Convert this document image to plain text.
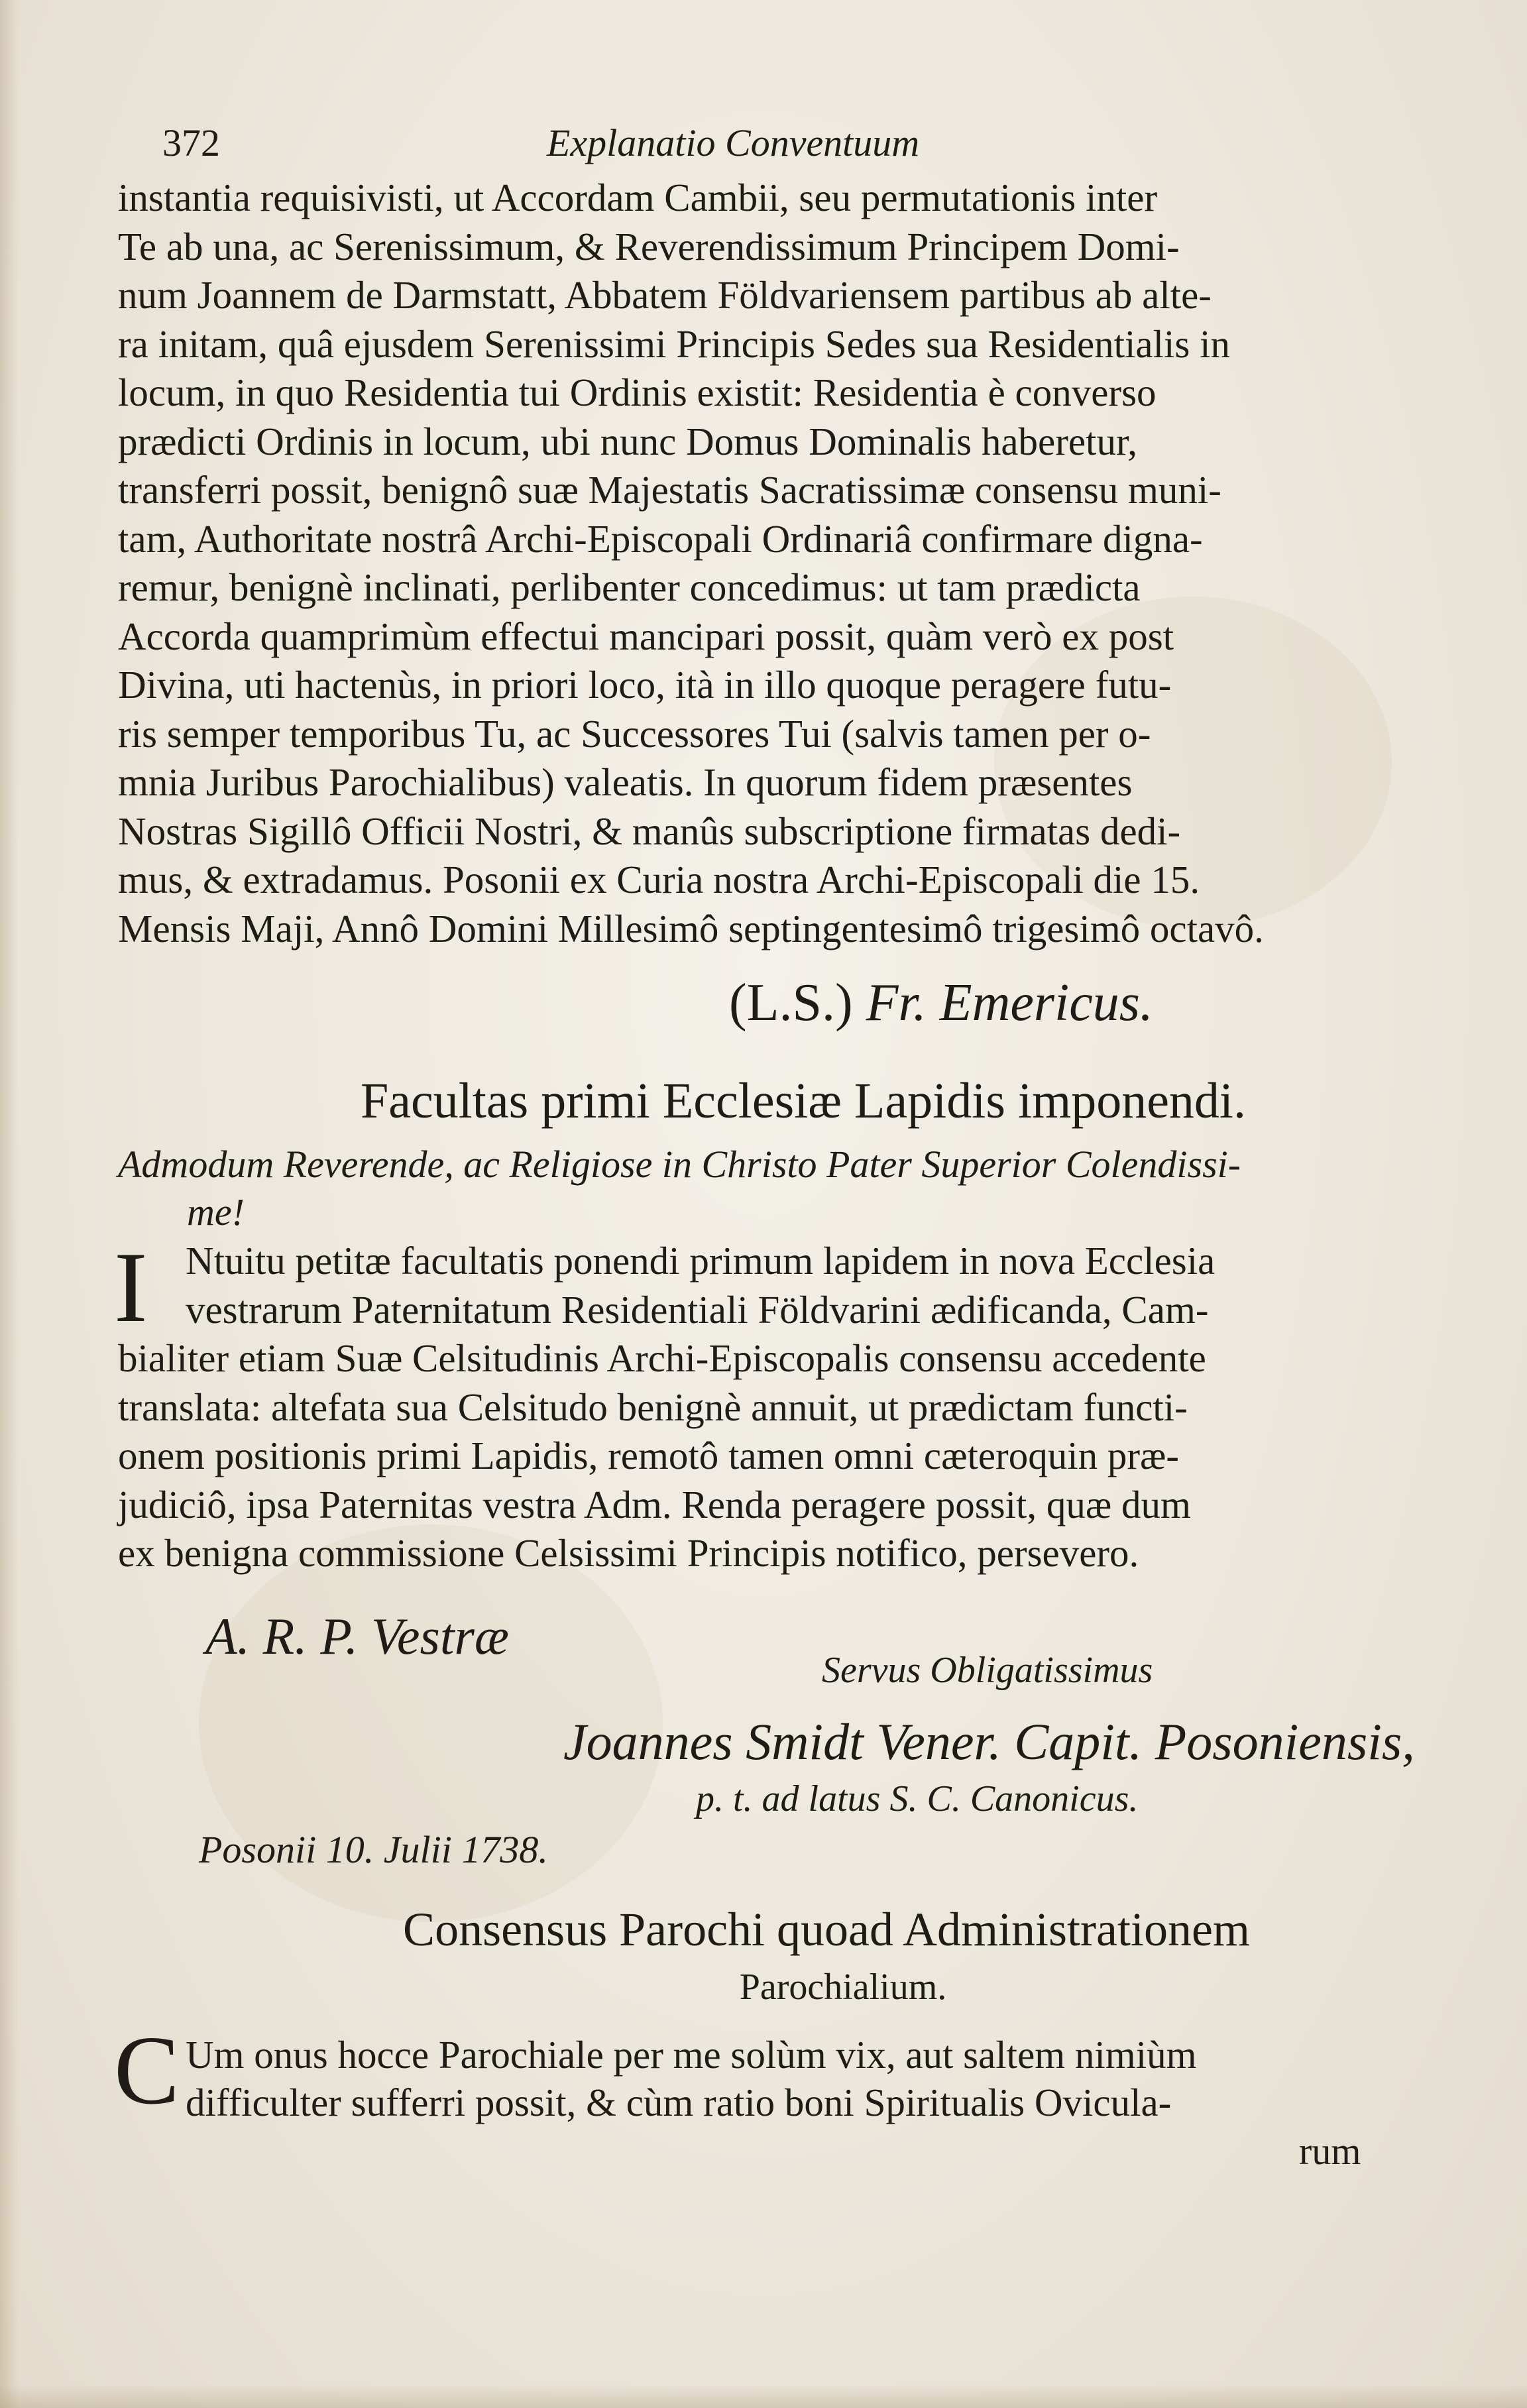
372	Explanatio Conventuum
instantia requisivisti, ut Accordam Cambii, seu permutationis inter
Te ab una, ac Serenissimum, & Reverendissimum Principem Domi-
num Joannem de Darmstatt, Abbatem Földvariensem partibus ab alte-
ra initam, quâ ejusdem Serenissimi Principis Sedes sua Residentialis in
locum, in quo Residentia tui Ordinis existit: Residentia è converso
prædicti Ordinis in locum, ubi nunc Domus Dominalis haberetur,
transferri possit, benignô suæ Majestatis Sacratissimæ consensu muni-
tam, Authoritate nostrâ Archi-Episcopali Ordinariâ confirmare digna-
remur, benignè inclinati, perlibenter concedimus: ut tam prædicta
Accorda quamprimùm effectui mancipari possit, quàm verò ex post
Divina, uti hactenùs, in priori loco, ità in illo quoque peragere futu-
ris semper temporibus Tu, ac Successores Tui (salvis tamen per o-
mnia Juribus Parochialibus) valeatis. In quorum fidem præsentes
Nostras Sigillô Officii Nostri, & manûs subscriptione firmatas dedi-
mus, & extradamus. Posonii ex Curia nostra Archi-Episcopali die 15.
Mensis Maji, Annô Domini Millesimô septingentesimô trigesimô octavô.
(L.S.) Fr. Emericus.
Facultas primi Ecclesiæ Lapidis imponendi.
Admodum Reverende, ac Religiose in Christo Pater Superior Colendissi-
me!
I Ntuitu petitæ facultatis ponendi primum lapidem in nova Ecclesia
vestrarum Paternitatum Residentiali Földvarini ædificanda, Cam-
bialiter etiam Suæ Celsitudinis Archi-Episcopalis consensu accedente
translata: altefata sua Celsitudo benignè annuit, ut prædictam functi-
onem positionis primi Lapidis, remotô tamen omni cæteroquin præ-
judiciô, ipsa Paternitas vestra Adm. Renda peragere possit, quæ dum
ex benigna commissione Celsissimi Principis notifico, persevero.
A. R. P. Vestræ
Servus Obligatissimus
Joannes Smidt Vener. Capit. Posoniensis,
p. t. ad latus S. C. Canonicus.
Posonii 10. Julii 1738.
Consensus Parochi quoad Administrationem
Parochialium.
C Um onus hocce Parochiale per me solùm vix, aut saltem nimiùm
difficulter sufferri possit, & cùm ratio boni Spiritualis Ovicula-
rum
